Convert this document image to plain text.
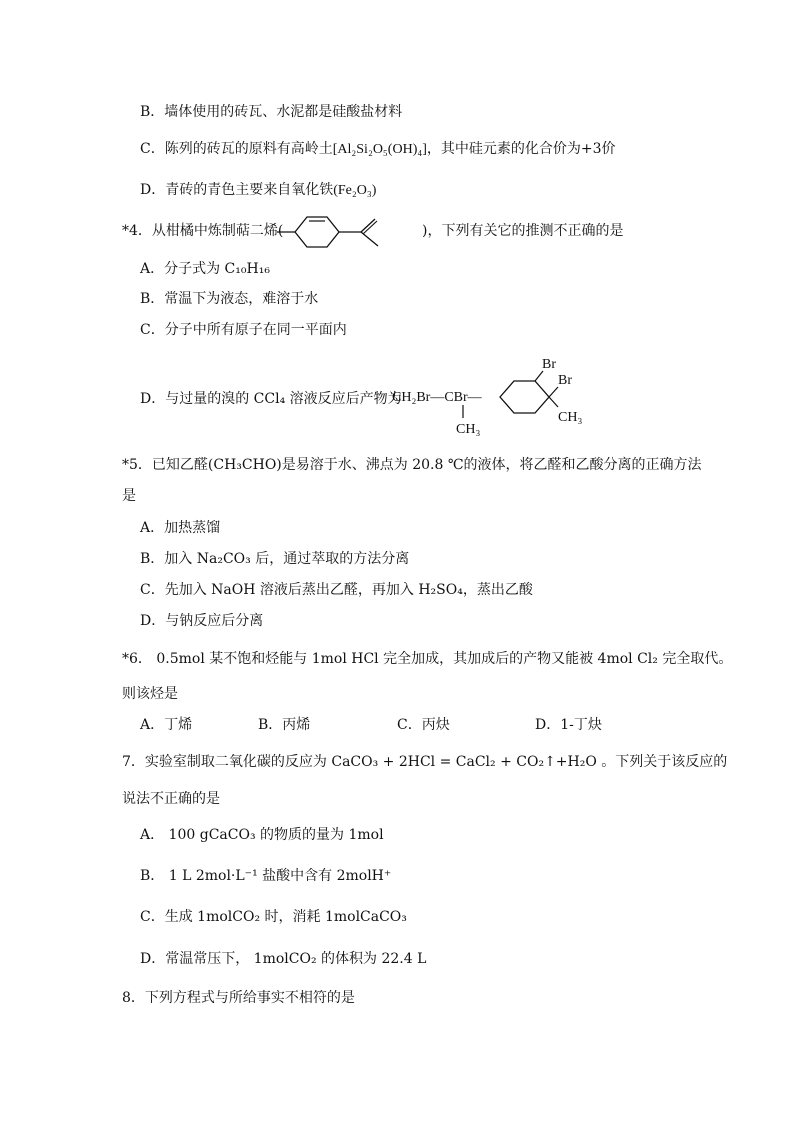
B．墙体使用的砖瓦、水泥都是硅酸盐材料
C．陈列的砖瓦的原料有高岭土[Al₂Si₂O₅(OH)₄]，其中硅元素的化合价为+3价
D．青砖的青色主要来自氧化铁(Fe₂O₃)
*4．从柑橘中炼制萜二烯(	)，下列有关它的推测不正确的是
A．分子式为 C₁₀H₁₆
B．常温下为液态，难溶于水
C．分子中所有原子在同一平面内
D．与过量的溴的 CCl₄ 溶液反应后产物为
CH₂Br—CBr—
CH₃
Br
Br
CH₃
*5．已知乙醛(CH₃CHO)是易溶于水、沸点为 20.8 ℃的液体，将乙醛和乙酸分离的正确方法
是
A．加热蒸馏
B．加入 Na₂CO₃ 后，通过萃取的方法分离
C．先加入 NaOH 溶液后蒸出乙醛，再加入 H₂SO₄，蒸出乙酸
D．与钠反应后分离
*6． 0.5mol 某不饱和烃能与 1mol HCl 完全加成，其加成后的产物又能被 4mol Cl₂ 完全取代。
则该烃是
A．丁烯	B．丙烯	C．丙炔	D．1-丁炔
7．实验室制取二氧化碳的反应为 CaCO₃ + 2HCl = CaCl₂ + CO₂↑+H₂O 。下列关于该反应的
说法不正确的是
A． 100 gCaCO₃ 的物质的量为 1mol
B． 1 L 2mol·L⁻¹ 盐酸中含有 2molH⁺
C．生成 1molCO₂ 时，消耗 1molCaCO₃
D．常温常压下， 1molCO₂ 的体积为 22.4 L
8．下列方程式与所给事实不相符的是
